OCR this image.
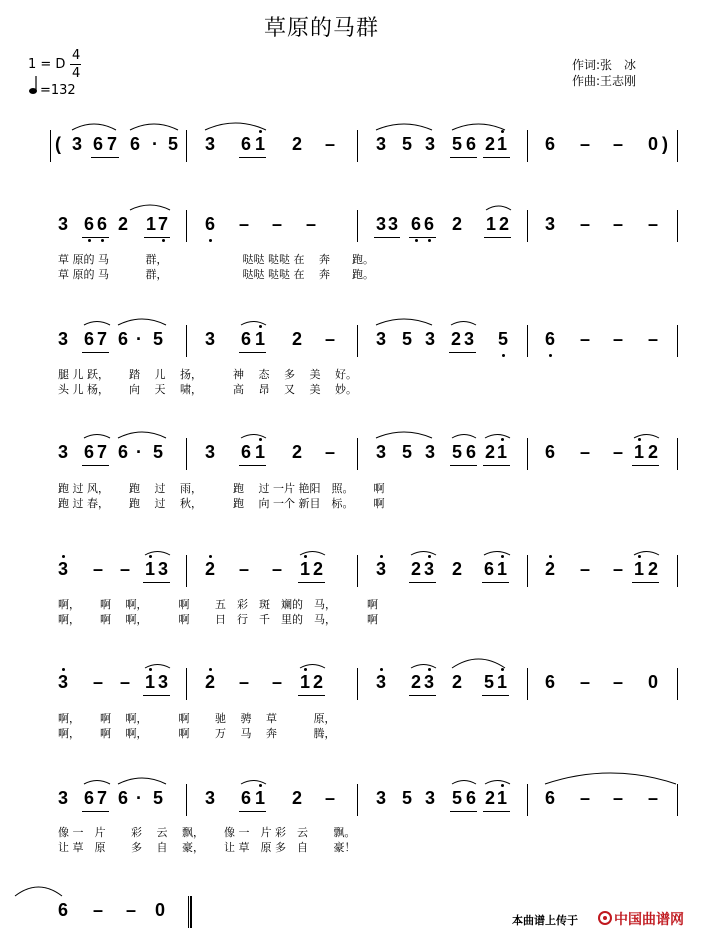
草原的马群
1 = D
4
4
=132
作词:张　冰
作曲:王志刚
( 3 6 7 6 · 5 3 6 1 2 – 3 5 3 5 6 2 1 6 – – 0 )
3 6 6 2 1 7 6 – – –	3 3 6 6 2 1 2 3 – – –
草 原的 马　　　 群，　　　　　　　 哒哒 哒哒 在　 奔　　跑。
草 原的 马　　　 群，　　　　　　　 哒哒 哒哒 在　 奔　　跑。
3 6 7 6 · 5 3 6 1 2 – 3 5 3 2 3 5 6 – – –
腿 儿 跃，　　 踏　 儿　 扬，　　　 神　 态　 多　 美　 好。
头 儿 杨，　　 向　 天　 啸，　　　 高　 昂　 又　 美　 妙。
3 6 7 6 · 5 3 6 1 2 – 3 5 3 5 6 2 1 6 – – 1 2
跑 过 风，　　 跑　 过　 雨，　　　 跑　 过 一片 艳阳　照。　　 啊
跑 过 春，　　 跑　 过　 秋，　　　 跑　 向 一个 新目　标。　　 啊
3 – – 1 3 2 – – 1 2	3 2 3 2 6 1 2 – – 1 2
啊，　　 啊　 啊，　　　 啊　　 五　彩　斑　斓的　马，　　　 啊
啊，　　 啊　 啊，　　　 啊　　 日　行　千　里的　马，　　　 啊
3 – – 1 3 2 – – 1 2	3 2 3 2 5 1 6 – – 0
啊，　　 啊　 啊，　　　 啊　　 驰　 骋　 草　　　 原，
啊，　　 啊　 啊，　　　 啊　　 万　 马　 奔　　　 腾，
3 6 7 6 · 5 3 6 1 2 – 3 5 3 5 6 2 1 6 – – –
像 一　片　　 彩　 云　 飘，　　 像 一　片 彩　云　　 飘。
让 草　原　　 多　 自　 豪，　　 让 草　原 多　自　　 豪！
6 – – 0
本曲谱上传于	中国曲谱网
